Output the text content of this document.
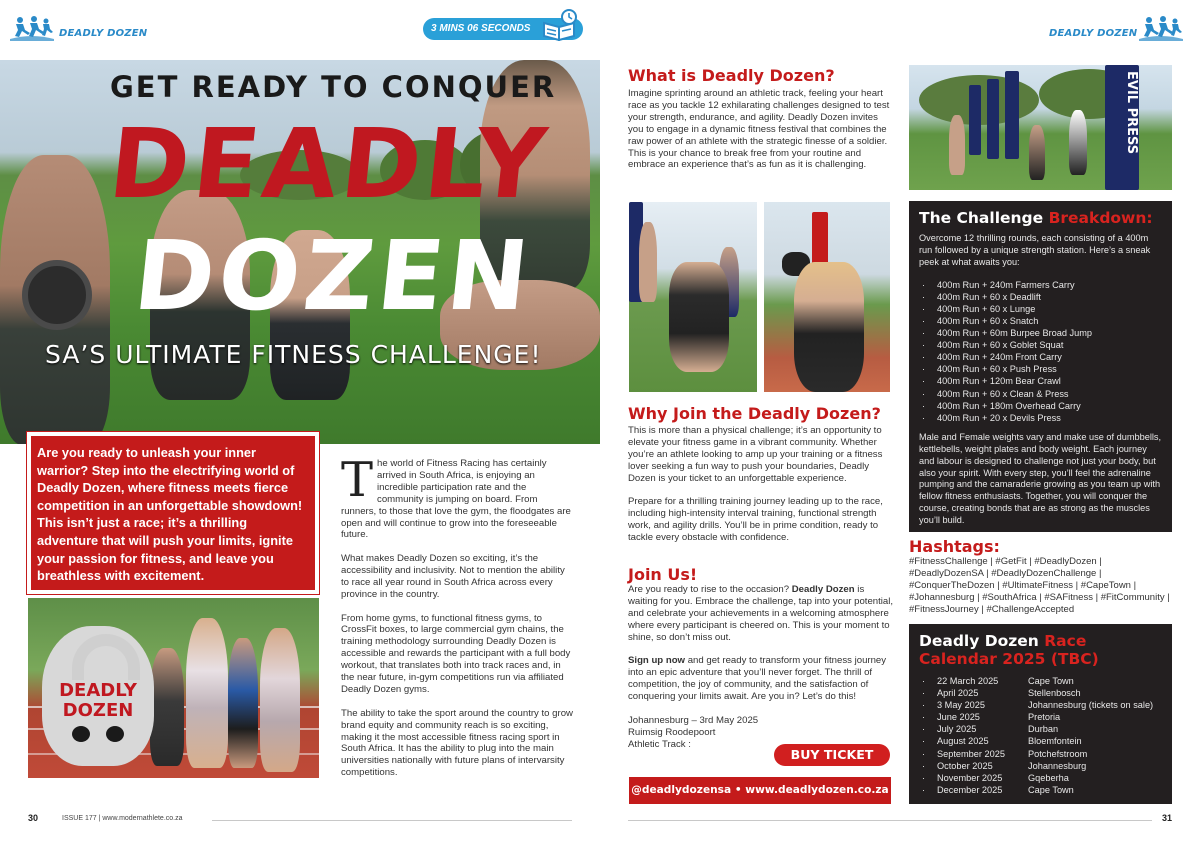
DEADLY DOZEN	3 MINS 06 SECONDS
GET READY TO CONQUER
DEADLY
DOZEN
SA’S ULTIMATE FITNESS CHALLENGE!
Are you ready to unleash your inner warrior? Step into the electrifying world of Deadly Dozen, where fitness meets fierce competition in an unforgettable showdown! This isn’t just a race; it’s a thrilling adventure that will push your limits, ignite your passion for fitness, and leave you breathless with excitement.
DEADLY
DOZEN
T he world of Fitness Racing has certainly arrived in South Africa, is enjoying an incredible participation rate and the community is jumping on board. From runners, to those that love the gym, the floodgates are open and will continue to grow into the foreseeable future.
What makes Deadly Dozen so exciting, it’s the accessibility and inclusivity. Not to mention the ability to race all year round in South Africa across every province in the country.
From home gyms, to functional fitness gyms, to CrossFit boxes, to large commercial gym chains, the training methodology surrounding Deadly Dozen is accessible and rewards the participant with a full body workout, that translates both into track races and, in the near future, in-gym competitions run via affiliated Deadly Dozen gyms.
The ability to take the sport around the country to grow brand equity and community reach is so exciting, making it the most accessible fitness racing sport in South Africa. It has the ability to plug into the main universities nationally with future plans of intervarsity competitions.
30	ISSUE 177 | www.modernathlete.co.za
DEADLY DOZEN
What is Deadly Dozen?
Imagine sprinting around an athletic track, feeling your heart race as you tackle 12 exhilarating challenges designed to test your strength, endurance, and agility. Deadly Dozen invites you to engage in a dynamic fitness festival that combines the raw power of an athlete with the strategic finesse of a soldier. This is your chance to break free from your routine and embrace an experience that’s as fun as it is challenging.
Why Join the Deadly Dozen?
This is more than a physical challenge; it’s an opportunity to elevate your fitness game in a vibrant community. Whether you’re an athlete looking to amp up your training or a fitness lover seeking a fun way to push your boundaries, Deadly Dozen is your ticket to an unforgettable experience.
Prepare for a thrilling training journey leading up to the race, including high-intensity interval training, functional strength work, and agility drills. You’ll be in prime condition, ready to tackle every obstacle with confidence.
Join Us!
Are you ready to rise to the occasion? Deadly Dozen is waiting for you. Embrace the challenge, tap into your potential, and celebrate your achievements in a welcoming atmosphere where every participant is cheered on. This is your moment to shine, so don’t miss out.
Sign up now and get ready to transform your fitness journey into an epic adventure that you’ll never forget. The thrill of competition, the joy of community, and the satisfaction of conquering your limits await. Are you in? Let’s do this!
Johannesburg – 3rd May 2025
Ruimsig Roodepoort
Athletic Track :
BUY TICKET
@deadlydozensa • www.deadlydozen.co.za
EVIL PRESS
The Challenge Breakdown:
Overcome 12 thrilling rounds, each consisting of a 400m run followed by a unique strength station. Here’s a sneak peek at what awaits you:
· 400m Run + 240m Farmers Carry
· 400m Run + 60 x Deadlift
· 400m Run + 60 x Lunge
· 400m Run + 60 x Snatch
· 400m Run + 60m Burpee Broad Jump
· 400m Run + 60 x Goblet Squat
· 400m Run + 240m Front Carry
· 400m Run + 60 x Push Press
· 400m Run + 120m Bear Crawl
· 400m Run + 60 x Clean & Press
· 400m Run + 180m Overhead Carry
· 400m Run + 20 x Devils Press
Male and Female weights vary and make use of dumbbells, kettlebells, weight plates and body weight. Each journey and labour is designed to challenge not just your body, but also your spirit. With every step, you’ll feel the adrenaline pumping and the camaraderie growing as you team up with fellow fitness enthusiasts. Together, you will conquer the course, creating bonds that are as strong as the muscles you’ll build.
Hashtags:
#FitnessChallenge | #GetFit | #DeadlyDozen | #DeadlyDozenSA | #DeadlyDozenChallenge | #ConquerTheDozen | #UltimateFitness | #CapeTown | #Johannesburg | #SouthAfrica | #SAFitness | #FitCommunity | #FitnessJourney | #ChallengeAccepted
Deadly Dozen Race
Calendar 2025 (TBC)
·	22 March 2025	Cape Town
·	April 2025	Stellenbosch
·	3 May 2025	Johannesburg (tickets on sale)
·	June 2025	Pretoria
·	July 2025	Durban
·	August 2025	Bloemfontein
·	September 2025	Potchefstroom
·	October 2025	Johannesburg
·	November 2025	Gqeberha
·	December 2025	Cape Town
31
